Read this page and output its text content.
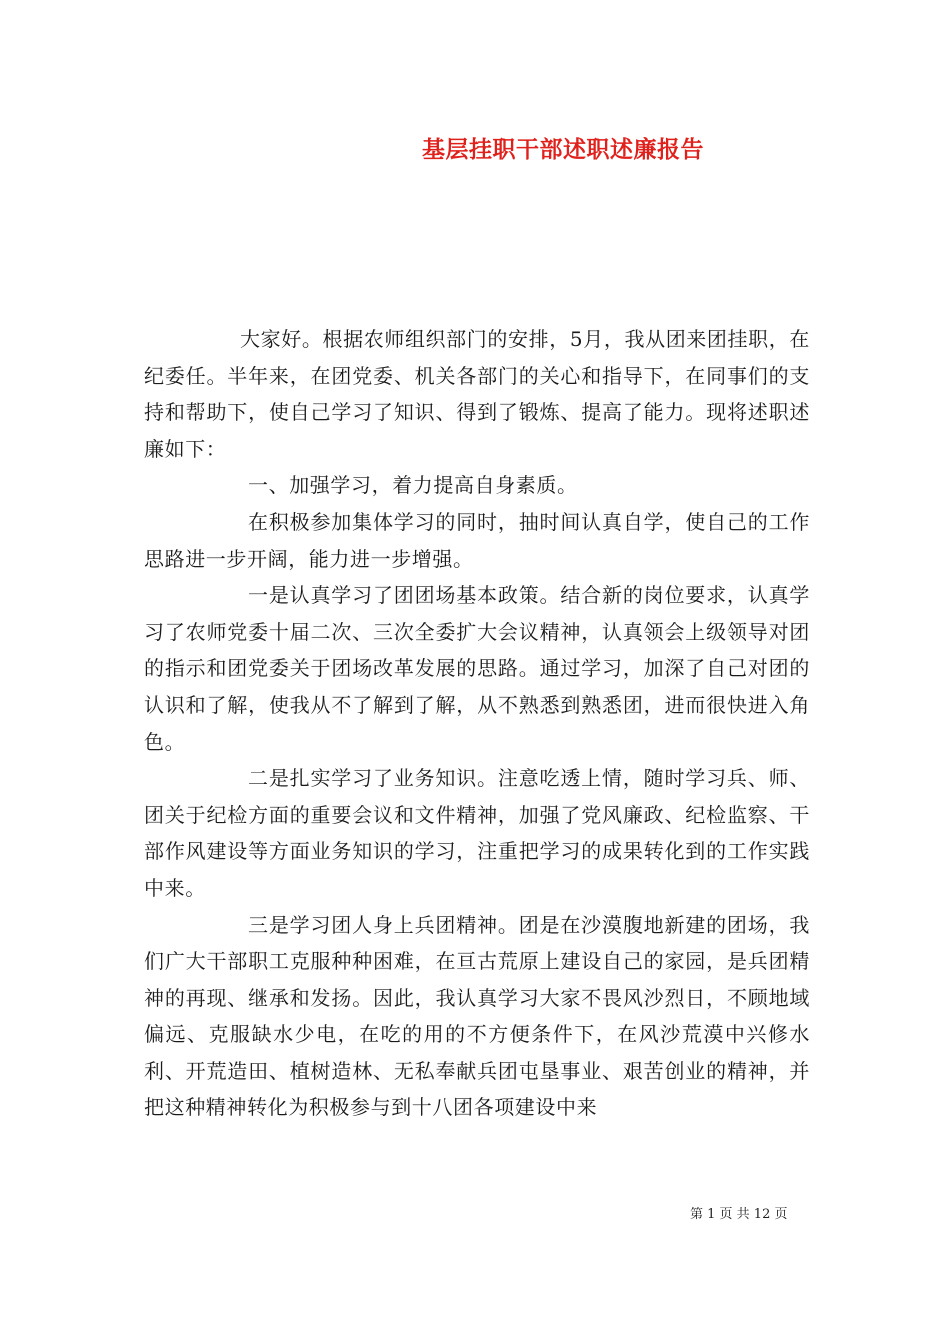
基层挂职干部述职述廉报告

大家好。根据农师组织部门的安排，5月，我从团来团挂职，在纪委任。半年来，在团党委、机关各部门的关心和指导下，在同事们的支持和帮助下，使自己学习了知识、得到了锻炼、提高了能力。现将述职述廉如下：

一、加强学习，着力提高自身素质。

在积极参加集体学习的同时，抽时间认真自学，使自己的工作思路进一步开阔，能力进一步增强。

一是认真学习了团团场基本政策。结合新的岗位要求，认真学习了农师党委十届二次、三次全委扩大会议精神，认真领会上级领导对团的指示和团党委关于团场改革发展的思路。通过学习，加深了自己对团的认识和了解，使我从不了解到了解，从不熟悉到熟悉团，进而很快进入角色。

二是扎实学习了业务知识。注意吃透上情，随时学习兵、师、团关于纪检方面的重要会议和文件精神，加强了党风廉政、纪检监察、干部作风建设等方面业务知识的学习，注重把学习的成果转化到的工作实践中来。

三是学习团人身上兵团精神。团是在沙漠腹地新建的团场，我们广大干部职工克服种种困难，在亘古荒原上建设自己的家园，是兵团精神的再现、继承和发扬。因此，我认真学习大家不畏风沙烈日，不顾地域偏远、克服缺水少电，在吃的用的不方便条件下，在风沙荒漠中兴修水利、开荒造田、植树造林、无私奉献兵团屯垦事业、艰苦创业的精神，并把这种精神转化为积极参与到十八团各项建设中来

第 1 页 共 12 页
